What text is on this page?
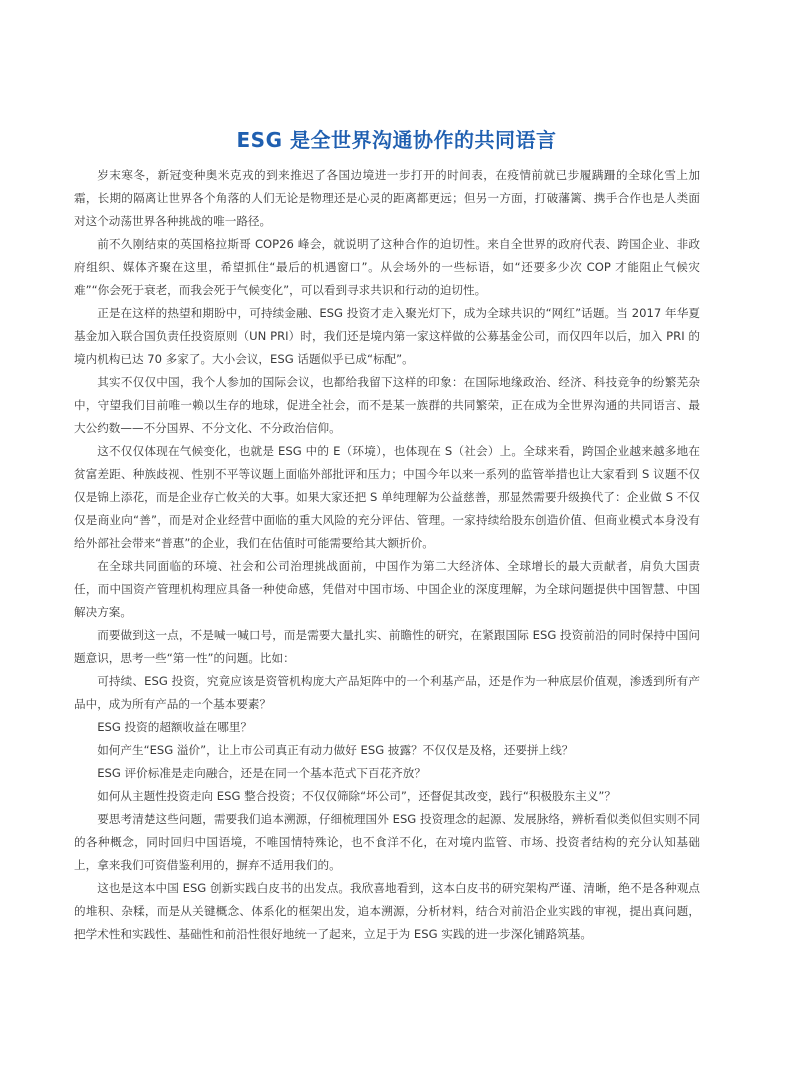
ESG 是全世界沟通协作的共同语言

岁末寒冬，新冠变种奥米克戎的到来推迟了各国边境进一步打开的时间表，在疫情前就已步履蹒跚的全球化雪上加霜，长期的隔离让世界各个角落的人们无论是物理还是心灵的距离都更远；但另一方面，打破藩篱、携手合作也是人类面对这个动荡世界各种挑战的唯一路径。

前不久刚结束的英国格拉斯哥 COP26 峰会，就说明了这种合作的迫切性。来自全世界的政府代表、跨国企业、非政府组织、媒体齐聚在这里，希望抓住“最后的机遇窗口”。从会场外的一些标语，如“还要多少次 COP 才能阻止气候灾难”“你会死于衰老，而我会死于气候变化”，可以看到寻求共识和行动的迫切性。

正是在这样的热望和期盼中，可持续金融、ESG 投资才走入聚光灯下，成为全球共识的“网红”话题。当 2017 年华夏基金加入联合国负责任投资原则（UN PRI）时，我们还是境内第一家这样做的公募基金公司，而仅四年以后，加入 PRI 的境内机构已达 70 多家了。大小会议，ESG 话题似乎已成“标配”。

其实不仅仅中国，我个人参加的国际会议，也都给我留下这样的印象：在国际地缘政治、经济、科技竞争的纷繁芜杂中，守望我们目前唯一赖以生存的地球，促进全社会，而不是某一族群的共同繁荣，正在成为全世界沟通的共同语言、最大公约数——不分国界、不分文化、不分政治信仰。

这不仅仅体现在气候变化，也就是 ESG 中的 E（环境），也体现在 S（社会）上。全球来看，跨国企业越来越多地在贫富差距、种族歧视、性别不平等议题上面临外部批评和压力；中国今年以来一系列的监管举措也让大家看到 S 议题不仅仅是锦上添花，而是企业存亡攸关的大事。如果大家还把 S 单纯理解为公益慈善，那显然需要升级换代了：企业做 S 不仅仅是商业向“善”，而是对企业经营中面临的重大风险的充分评估、管理。一家持续给股东创造价值、但商业模式本身没有给外部社会带来“普惠”的企业，我们在估值时可能需要给其大额折价。

在全球共同面临的环境、社会和公司治理挑战面前，中国作为第二大经济体、全球增长的最大贡献者，肩负大国责任，而中国资产管理机构理应具备一种使命感，凭借对中国市场、中国企业的深度理解，为全球问题提供中国智慧、中国解决方案。

而要做到这一点，不是喊一喊口号，而是需要大量扎实、前瞻性的研究，在紧跟国际 ESG 投资前沿的同时保持中国问题意识，思考一些“第一性”的问题。比如：

可持续、ESG 投资，究竟应该是资管机构庞大产品矩阵中的一个利基产品，还是作为一种底层价值观，渗透到所有产品中，成为所有产品的一个基本要素？

ESG 投资的超额收益在哪里？

如何产生“ESG 溢价”，让上市公司真正有动力做好 ESG 披露？不仅仅是及格，还要拼上线？

ESG 评价标准是走向融合，还是在同一个基本范式下百花齐放？

如何从主题性投资走向 ESG 整合投资；不仅仅筛除“坏公司”，还督促其改变，践行“积极股东主义”？

要思考清楚这些问题，需要我们追本溯源，仔细梳理国外 ESG 投资理念的起源、发展脉络，辨析看似类似但实则不同的各种概念，同时回归中国语境，不唯国情特殊论，也不食洋不化，在对境内监管、市场、投资者结构的充分认知基础上，拿来我们可资借鉴利用的，摒弃不适用我们的。

这也是这本中国 ESG 创新实践白皮书的出发点。我欣喜地看到，这本白皮书的研究架构严谨、清晰，绝不是各种观点的堆积、杂糅，而是从关键概念、体系化的框架出发，追本溯源，分析材料，结合对前沿企业实践的审视，提出真问题，把学术性和实践性、基础性和前沿性很好地统一了起来，立足于为 ESG 实践的进一步深化铺路筑基。
